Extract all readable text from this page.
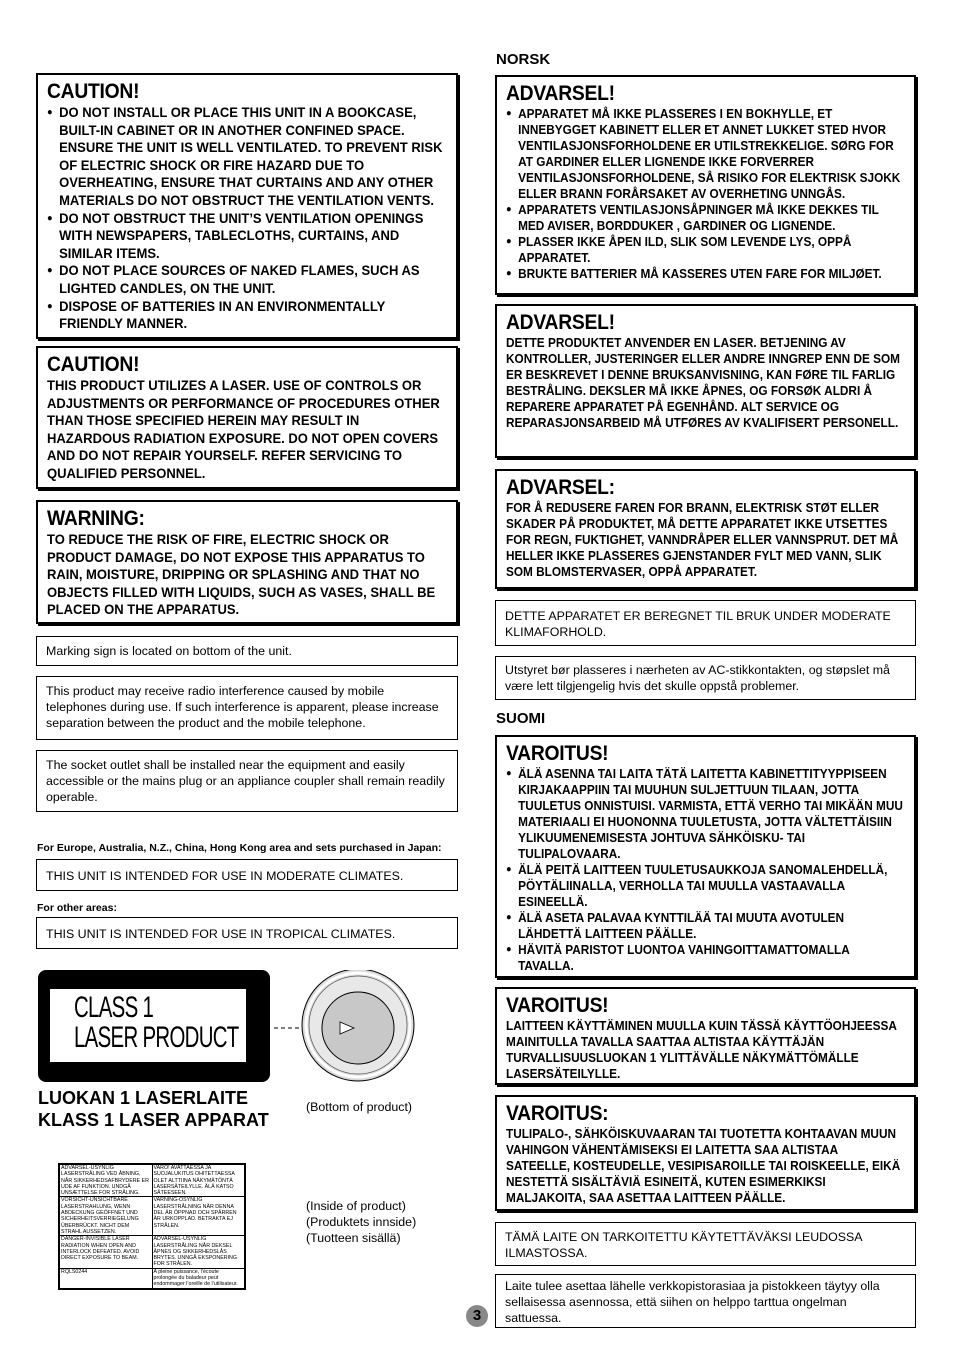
CAUTION!
● DO NOT INSTALL OR PLACE THIS UNIT IN A BOOKCASE, BUILT-IN CABINET OR IN ANOTHER CONFINED SPACE. ENSURE THE UNIT IS WELL VENTILATED. TO PREVENT RISK OF ELECTRIC SHOCK OR FIRE HAZARD DUE TO OVERHEATING, ENSURE THAT CURTAINS AND ANY OTHER MATERIALS DO NOT OBSTRUCT THE VENTILATION VENTS.
● DO NOT OBSTRUCT THE UNIT’S VENTILATION OPENINGS WITH NEWSPAPERS, TABLECLOTHS, CURTAINS, AND SIMILAR ITEMS.
● DO NOT PLACE SOURCES OF NAKED FLAMES, SUCH AS LIGHTED CANDLES, ON THE UNIT.
● DISPOSE OF BATTERIES IN AN ENVIRONMENTALLY FRIENDLY MANNER.
CAUTION!

THIS PRODUCT UTILIZES A LASER. USE OF CONTROLS OR ADJUSTMENTS OR PERFORMANCE OF PROCEDURES OTHER THAN THOSE SPECIFIED HEREIN MAY RESULT IN HAZARDOUS RADIATION EXPOSURE. DO NOT OPEN COVERS AND DO NOT REPAIR YOURSELF. REFER SERVICING TO QUALIFIED PERSONNEL.

WARNING:

TO REDUCE THE RISK OF FIRE, ELECTRIC SHOCK OR PRODUCT DAMAGE, DO NOT EXPOSE THIS APPARATUS TO RAIN, MOISTURE, DRIPPING OR SPLASHING AND THAT NO OBJECTS FILLED WITH LIQUIDS, SUCH AS VASES, SHALL BE PLACED ON THE APPARATUS.

Marking sign is located on bottom of the unit.

This product may receive radio interference caused by mobile telephones during use. If such interference is apparent, please increase separation between the product and the mobile telephone.

The socket outlet shall be installed near the equipment and easily accessible or the mains plug or an appliance coupler shall remain readily operable.

For Europe, Australia, N.Z., China, Hong Kong area and sets purchased in Japan:

THIS UNIT IS INTENDED FOR USE IN MODERATE CLIMATES.

For other areas:

THIS UNIT IS INTENDED FOR USE IN TROPICAL CLIMATES.

CLASS 1
LASER PRODUCT
LUOKAN 1 LASERLAITE
KLASS 1 LASER APPARAT
(Bottom of product)
ADVARSEL-USYNLIG LASERSTRÅLING VED ÅBNING, NÅR SIKKERHEDSAFBRYDERE ER UDE AF FUNKTION. UNDGÅ UNSÆTTELSE FOR STRÅLING.	VARO! AVATTAESSA JA SUOJALUKITUS OHITETTAESSA OLET ALTTIINA NÄKYMÄTÖNTÄ LASERSÄTEILYLLE. ÄLÄ KATSO SÄTEESEEN.
VORSICHT-UNSICHTBARE LASERSTRAHLUNG, WENN ABDECKUNG GEÖFFNET UND SICHERHEITSVERRIEGELUNG ÜBERBRÜCKT. NICHT DEM STRAHL AUSSETZEN.	VARNING-OSYNLIG LASERSTRÅLNING NÄR DENNA DEL ÄR ÖPPNAD OCH SPÄRREN ÄR URKOPPLAD. BETRAKTA EJ STRÅLEN.
DANGER-INVISIBLE LASER RADIATION WHEN OPEN AND INTERLOCK DEFEATED. AVOID DIRECT EXPOSURE TO BEAM.	ADVARSEL-USYNLIG LASERSTRÅLING NÅR DEKSEL ÅPNES OG SIKKERHEDSLÅS BRYTES. UNNGÅ EKSPONERING FOR STRÅLEN.
RQLS0244	A pleine puissance, l’écoute prolongée du baladeur peut endommager l’oreille de l’utilisateur.
(Inside of product)
(Produktets innside)
(Tuotteen sisällä)
NORSK
ADVARSEL!
● APPARATET MÅ IKKE PLASSERES I EN BOKHYLLE, ET INNEBYGGET KABINETT ELLER ET ANNET LUKKET STED HVOR VENTILASJONSFORHOLDENE ER UTILSTREKKELIGE. SØRG FOR AT GARDINER ELLER LIGNENDE IKKE FORVERRER VENTILASJONSFORHOLDENE, SÅ RISIKO FOR ELEKTRISK SJOKK ELLER BRANN FORÅRSAKET AV OVERHETING UNNGÅS.
● APPARATETS VENTILASJONSÅPNINGER MÅ IKKE DEKKES TIL MED AVISER, BORDDUKER , GARDINER OG LIGNENDE.
● PLASSER IKKE ÅPEN ILD, SLIK SOM LEVENDE LYS, OPPÅ APPARATET.
● BRUKTE BATTERIER MÅ KASSERES UTEN FARE FOR MILJØET.
ADVARSEL!

DETTE PRODUKTET ANVENDER EN LASER. BETJENING AV KONTROLLER, JUSTERINGER ELLER ANDRE INNGREP ENN DE SOM ER BESKREVET I DENNE BRUKSANVISNING, KAN FØRE TIL FARLIG BESTRÅLING. DEKSLER MÅ IKKE ÅPNES, OG FORSØK ALDRI Å REPARERE APPARATET PÅ EGENHÅND. ALT SERVICE OG REPARASJONSARBEID MÅ UTFØRES AV KVALIFISERT PERSONELL.

ADVARSEL:

FOR Å REDUSERE FAREN FOR BRANN, ELEKTRISK STØT ELLER SKADER PÅ PRODUKTET, MÅ DETTE APPARATET IKKE UTSETTES FOR REGN, FUKTIGHET, VANNDRÅPER ELLER VANNSPRUT. DET MÅ HELLER IKKE PLASSERES GJENSTANDER FYLT MED VANN, SLIK SOM BLOMSTERVASER, OPPÅ APPARATET.

DETTE APPARATET ER BEREGNET TIL BRUK UNDER MODERATE KLIMAFORHOLD.

Utstyret bør plasseres i nærheten av AC-stikkontakten, og støpslet må være lett tilgjengelig hvis det skulle oppstå problemer.

SUOMI
VAROITUS!
● ÄLÄ ASENNA TAI LAITA TÄTÄ LAITETTA KABINETTITYYPPISEEN KIRJAKAAPPIIN TAI MUUHUN SULJETTUUN TILAAN, JOTTA TUULETUS ONNISTUISI. VARMISTA, ETTÄ VERHO TAI MIKÄÄN MUU MATERIAALI EI HUONONNA TUULETUSTA, JOTTA VÄLTETTÄISIIN YLIKUUMENEMISESTA JOHTUVA SÄHKÖISKU- TAI TULIPALOVAARA.
● ÄLÄ PEITÄ LAITTEEN TUULETUSAUKKOJA SANOMALEHDELLÄ, PÖYTÄLIINALLA, VERHOLLA TAI MUULLA VASTAAVALLA ESINEELLÄ.
● ÄLÄ ASETA PALAVAA KYNTTILÄÄ TAI MUUTA AVOTULEN LÄHDETTÄ LAITTEEN PÄÄLLE.
● HÄVITÄ PARISTOT LUONTOA VAHINGOITTAMATTOMALLA TAVALLA.
VAROITUS!

LAITTEEN KÄYTTÄMINEN MUULLA KUIN TÄSSÄ KÄYTTÖOHJEESSA MAINITULLA TAVALLA SAATTAA ALTISTAA KÄYTTÄJÄN TURVALLISUUSLUOKAN 1 YLITTÄVÄLLE NÄKYMÄTTÖMÄLLE LASERSÄTEILYLLE.

VAROITUS:

TULIPALO-, SÄHKÖISKUVAARAN TAI TUOTETTA KOHTAAVAN MUUN VAHINGON VÄHENTÄMISEKSI EI LAITETTA SAA ALTISTAA SATEELLE, KOSTEUDELLE, VESIPISAROILLE TAI ROISKEELLE, EIKÄ NESTETTÄ SISÄLTÄVIÄ ESINEITÄ, KUTEN ESIMERKIKSI MALJAKOITA, SAA ASETTAA LAITTEEN PÄÄLLE.

TÄMÄ LAITE ON TARKOITETTU KÄYTETTÄVÄKSI LEUDOSSA ILMASTOSSA.

Laite tulee asettaa lähelle verkkopistorasiaa ja pistokkeen täytyy olla sellaisessa asennossa, että siihen on helppo tarttua ongelman sattuessa.

3
